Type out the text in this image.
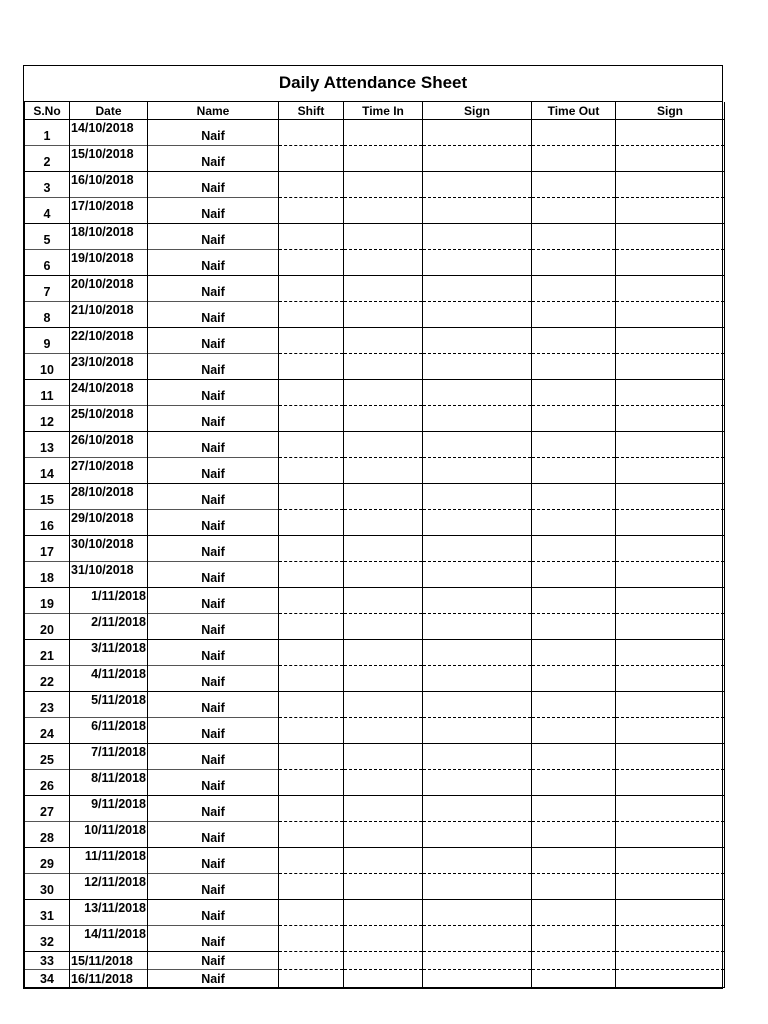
Daily Attendance Sheet
S.No	Date	Name	Shift	Time In	Sign	Time Out	Sign
1	14/10/2018	Naif					
2	15/10/2018	Naif					
3	16/10/2018	Naif					
4	17/10/2018	Naif					
5	18/10/2018	Naif					
6	19/10/2018	Naif					
7	20/10/2018	Naif					
8	21/10/2018	Naif					
9	22/10/2018	Naif					
10	23/10/2018	Naif					
11	24/10/2018	Naif					
12	25/10/2018	Naif					
13	26/10/2018	Naif					
14	27/10/2018	Naif					
15	28/10/2018	Naif					
16	29/10/2018	Naif					
17	30/10/2018	Naif					
18	31/10/2018	Naif					
19	1/11/2018	Naif					
20	2/11/2018	Naif					
21	3/11/2018	Naif					
22	4/11/2018	Naif					
23	5/11/2018	Naif					
24	6/11/2018	Naif					
25	7/11/2018	Naif					
26	8/11/2018	Naif					
27	9/11/2018	Naif					
28	10/11/2018	Naif					
29	11/11/2018	Naif					
30	12/11/2018	Naif					
31	13/11/2018	Naif					
32	14/11/2018	Naif					
33	15/11/2018	Naif					
34	16/11/2018	Naif					
